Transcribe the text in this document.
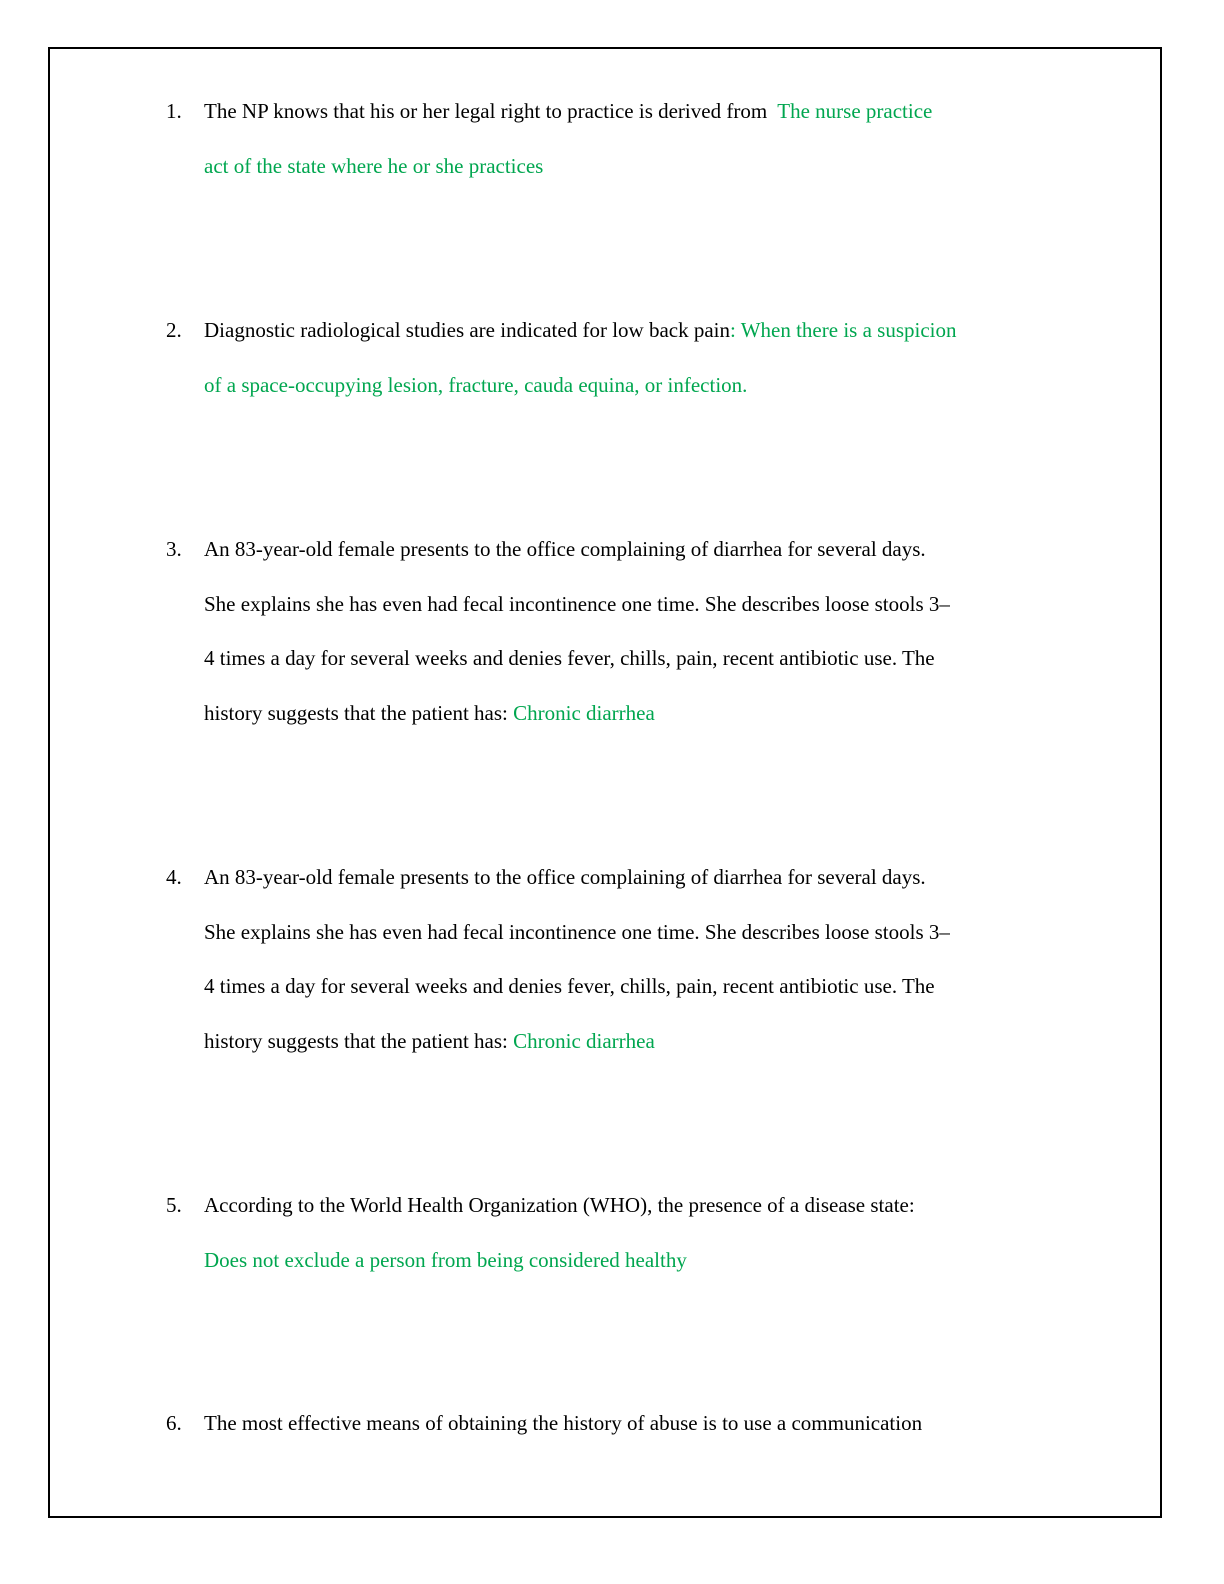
1. The NP knows that his or her legal right to practice is derived from  The nurse practice
act of the state where he or she practices
2. Diagnostic radiological studies are indicated for low back pain: When there is a suspicion
of a space-occupying lesion, fracture, cauda equina, or infection.
3. An 83-year-old female presents to the office complaining of diarrhea for several days.
She explains she has even had fecal incontinence one time. She describes loose stools 3–
4 times a day for several weeks and denies fever, chills, pain, recent antibiotic use. The
history suggests that the patient has: Chronic diarrhea
4. An 83-year-old female presents to the office complaining of diarrhea for several days.
She explains she has even had fecal incontinence one time. She describes loose stools 3–
4 times a day for several weeks and denies fever, chills, pain, recent antibiotic use. The
history suggests that the patient has: Chronic diarrhea
5. According to the World Health Organization (WHO), the presence of a disease state:
Does not exclude a person from being considered healthy
6. The most effective means of obtaining the history of abuse is to use a communication
